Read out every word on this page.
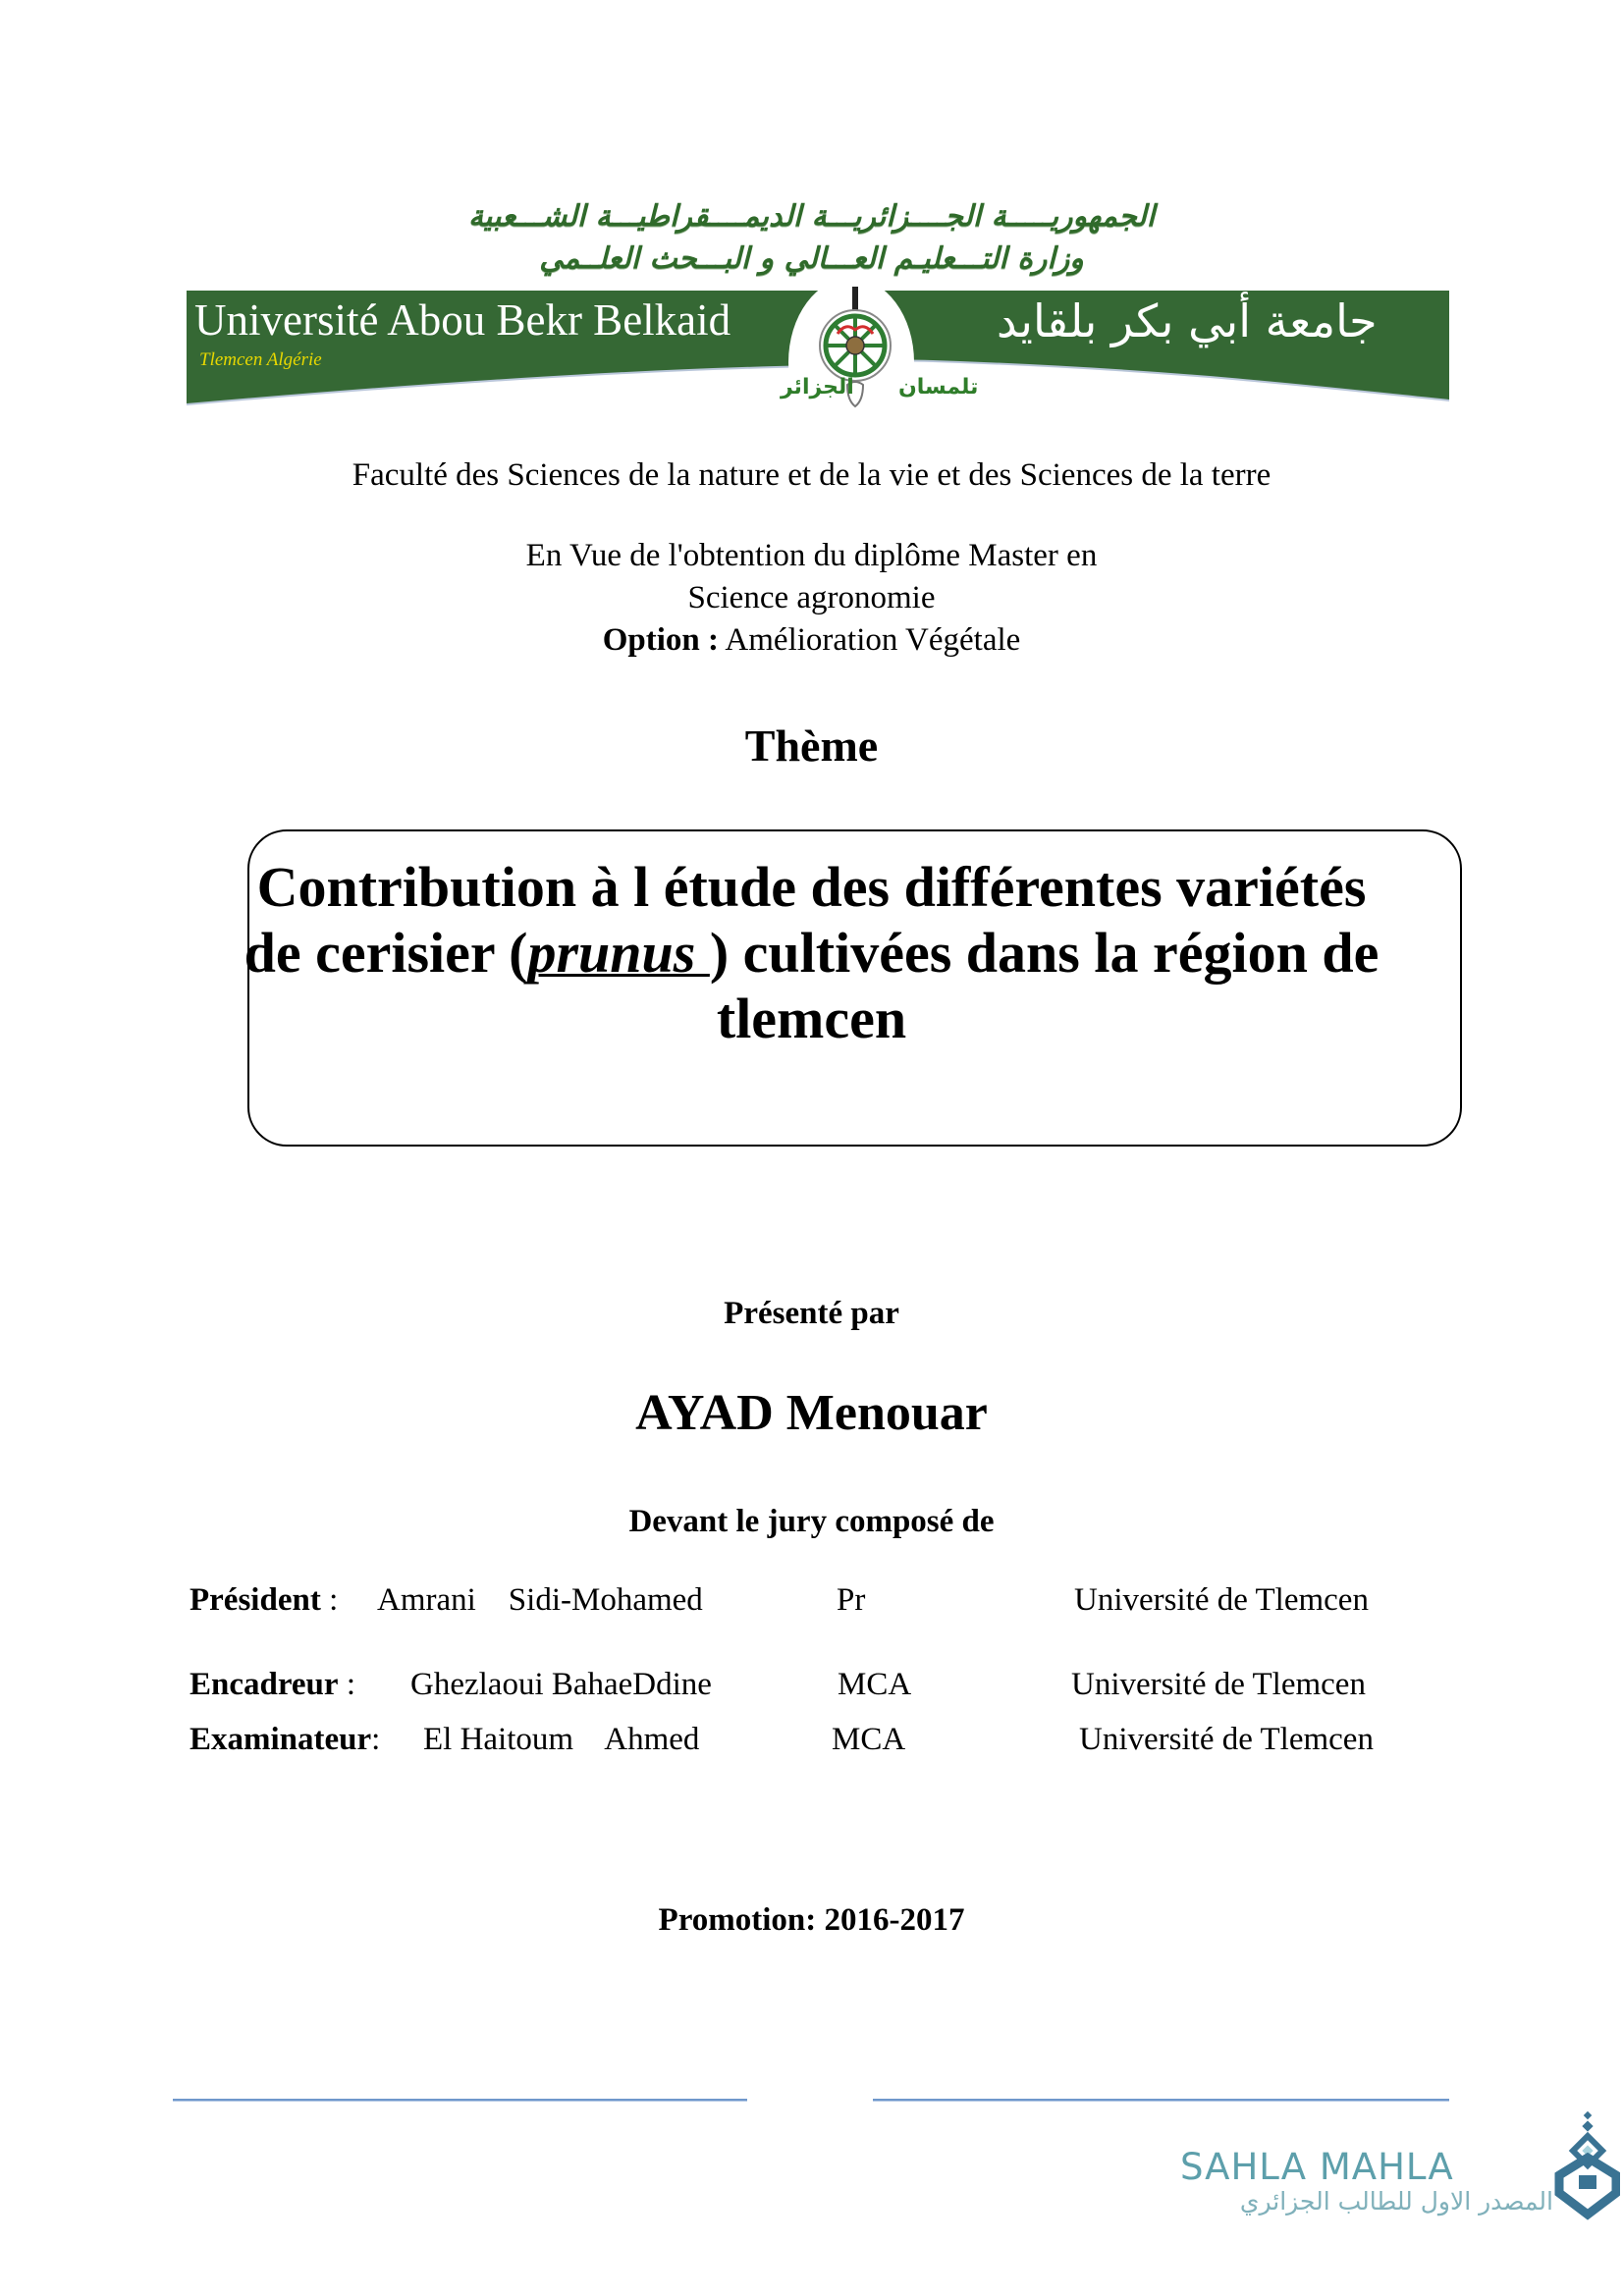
الجمهوريـــــة الجــــزائريـــة الديمــــقراطيـــة الشـــعبية
وزارة التـــعليـم العـــالي و البـــحث العلــمي
Université Abou Bekr Belkaid
Tlemcen Algérie
جامعة أبي بكر بلقايد
تلمسان
الجزائر
Faculté des Sciences de la nature et de la vie et des Sciences de la terre
En Vue de l'obtention du diplôme Master en
Science agronomie
Option : Amélioration Végétale
Thème
Contribution à l étude des différentes variétés
de cerisier (prunus ) cultivées dans la région de
tlemcen
Présenté par
AYAD Menouar
Devant le jury composé de
Président : Amrani    Sidi-Mohamed	Pr	Université de Tlemcen
Encadreur : Ghezlaoui BahaeDdine	MCA	Université de Tlemcen
Examinateur: El Haitoum    Ahmed	MCA	Université de Tlemcen
Promotion: 2016-2017
SAHLA MAHLA
المصدر الاول للطالب الجزائري
